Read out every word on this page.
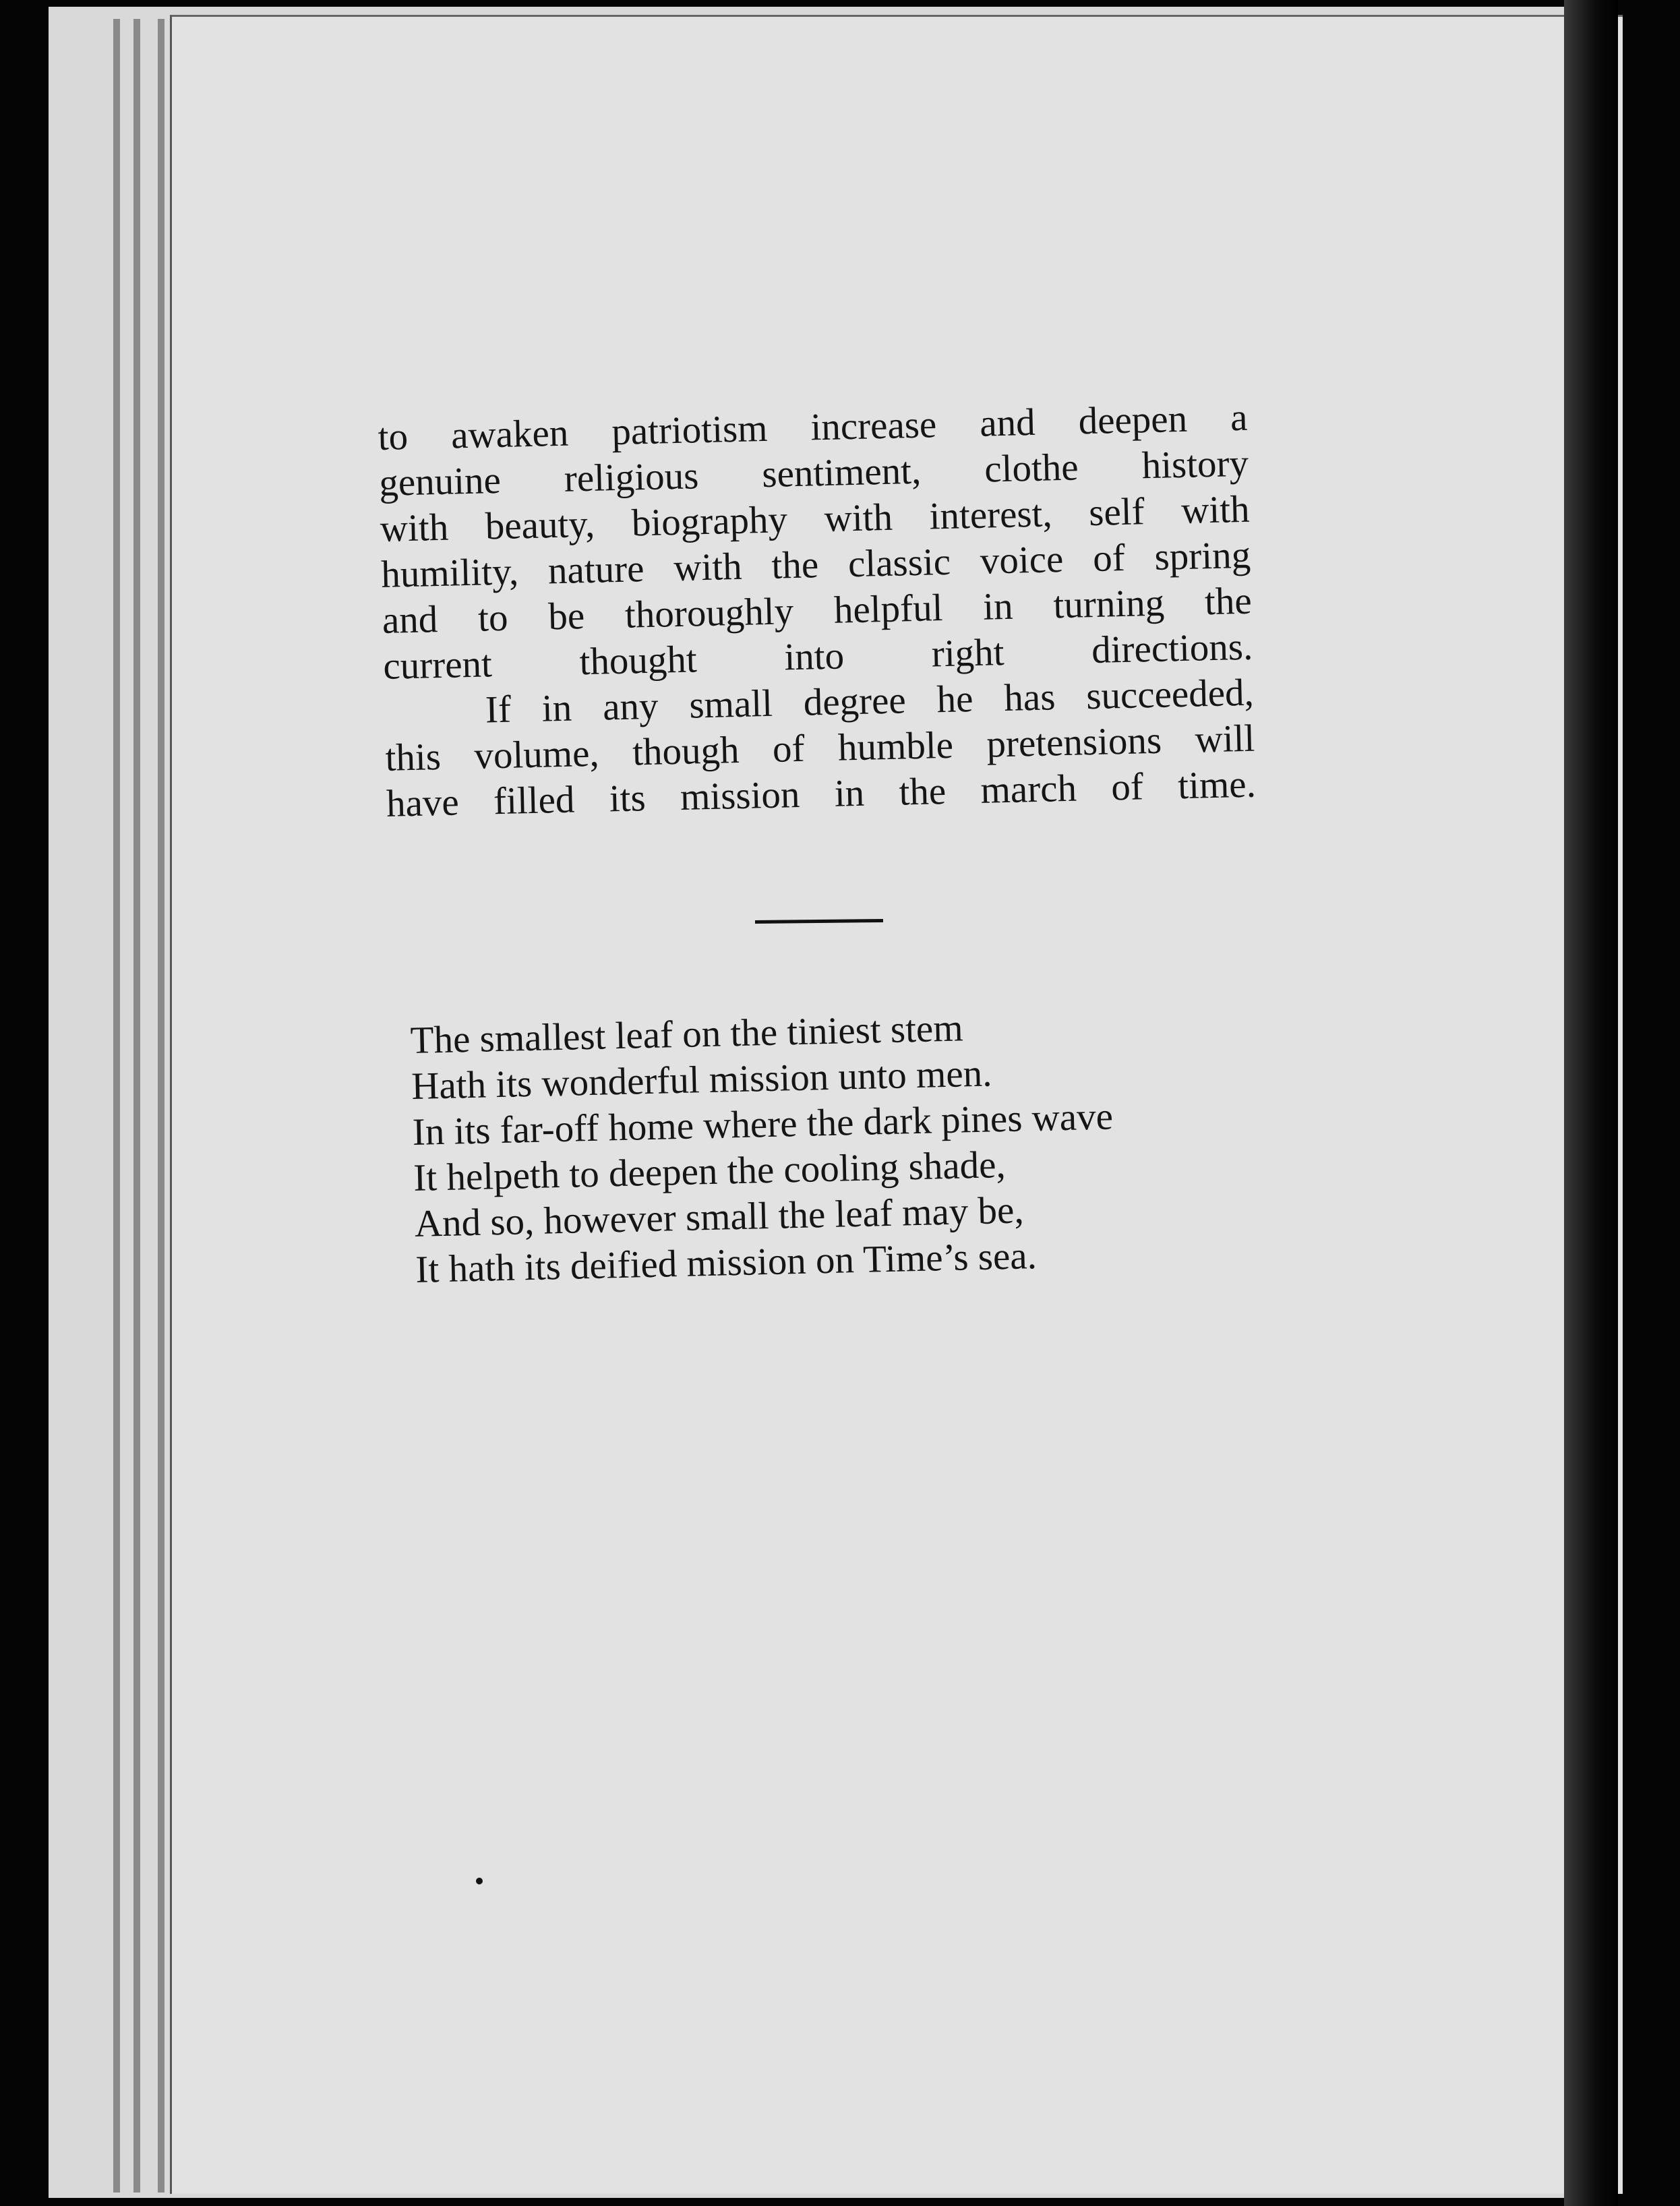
to awaken patriotism increase and deepen a

genuine religious sentiment, clothe history

with beauty, biography with interest, self with

humility, nature with the classic voice of spring

and to be thoroughly helpful in turning the

current thought into right directions.

If in any small degree he has succeeded,

this volume, though of humble pretensions will

have filled its mission in the march of time.

The smallest leaf on the tiniest stem
Hath its wonderful mission unto men.
In its far-off home where the dark pines wave
It helpeth to deepen the cooling shade,
And so, however small the leaf may be,
It hath its deified mission on Time’s sea.
